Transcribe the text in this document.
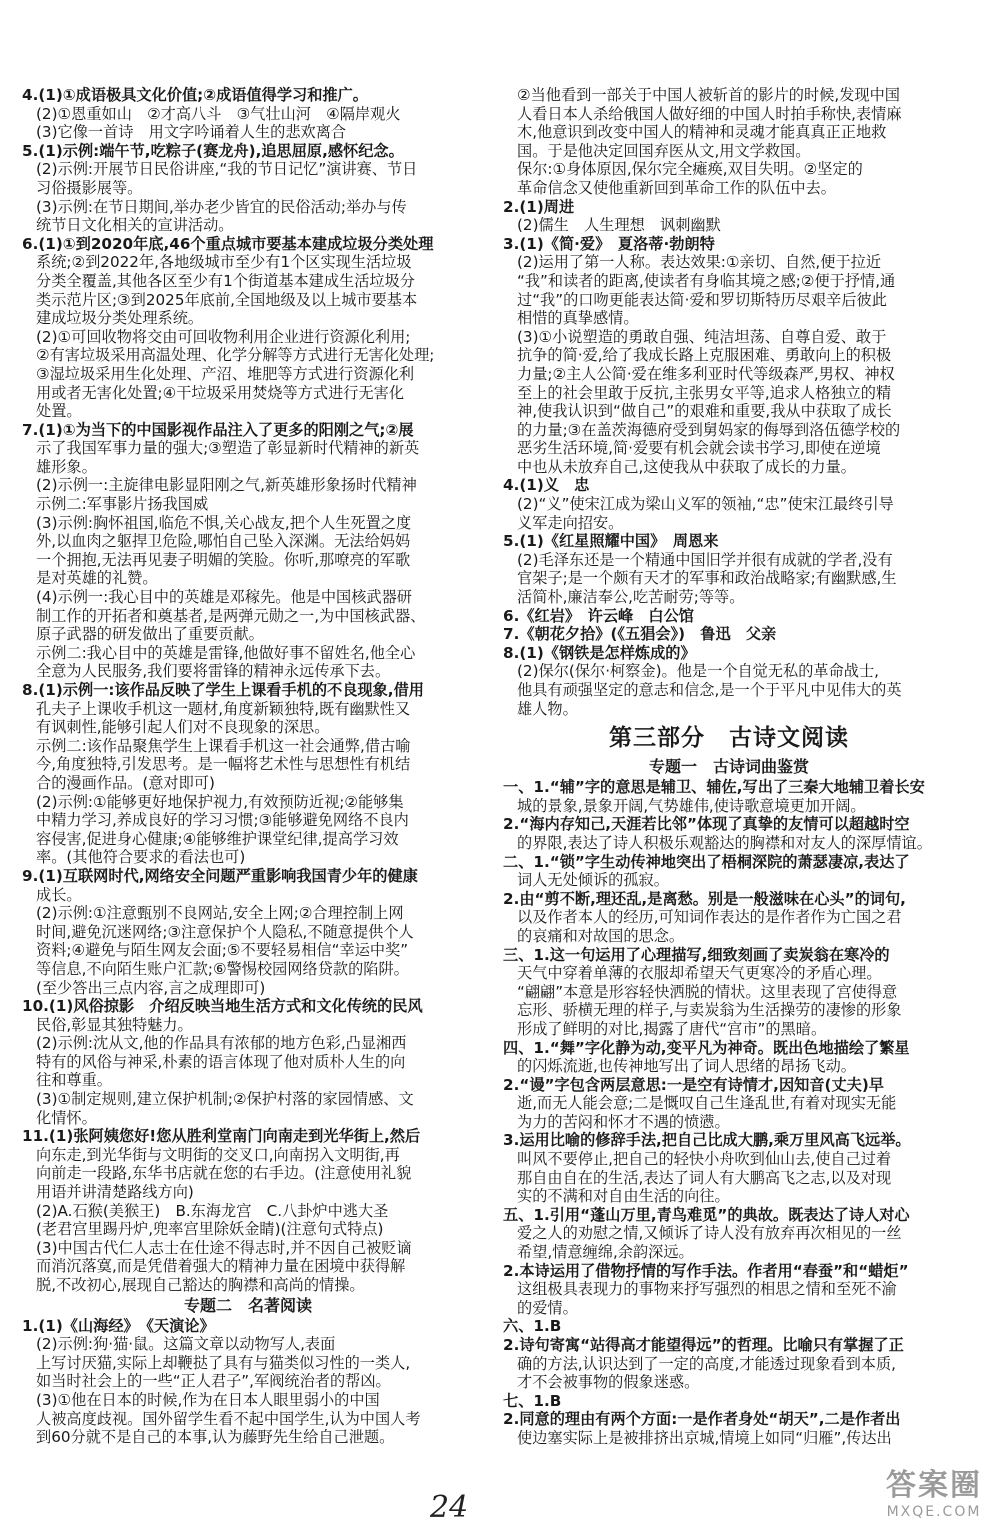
4.(1)①成语极具文化价值;②成语值得学习和推广。
(2)①恩重如山　②才高八斗　③气壮山河　④隔岸观火
(3)它像一首诗　用文字吟诵着人生的悲欢离合
5.(1)示例:端午节,吃粽子(赛龙舟),追思屈原,感怀纪念。
(2)示例:开展节日民俗讲座,“我的节日记忆”演讲赛、节日
习俗摄影展等。
(3)示例:在节日期间,举办老少皆宜的民俗活动;举办与传
统节日文化相关的宣讲活动。
6.(1)①到2020年底,46个重点城市要基本建成垃圾分类处理
系统;②到2022年,各地级城市至少有1个区实现生活垃圾
分类全覆盖,其他各区至少有1个街道基本建成生活垃圾分
类示范片区;③到2025年底前,全国地级及以上城市要基本
建成垃圾分类处理系统。
(2)①可回收物将交由可回收物利用企业进行资源化利用;
②有害垃圾采用高温处理、化学分解等方式进行无害化处理;
③湿垃圾采用生化处理、产沼、堆肥等方式进行资源化利
用或者无害化处置;④干垃圾采用焚烧等方式进行无害化
处置。
7.(1)①为当下的中国影视作品注入了更多的阳刚之气;②展
示了我国军事力量的强大;③塑造了彰显新时代精神的新英
雄形象。
(2)示例一:主旋律电影显阳刚之气,新英雄形象扬时代精神
示例二:军事影片扬我国威
(3)示例:胸怀祖国,临危不惧,关心战友,把个人生死置之度
外,以血肉之躯捍卫危险,哪怕自己坠入深渊。无法给妈妈
一个拥抱,无法再见妻子明媚的笑脸。你听,那嘹亮的军歌
是对英雄的礼赞。
(4)示例一:我心目中的英雄是邓稼先。他是中国核武器研
制工作的开拓者和奠基者,是两弹元勋之一,为中国核武器、
原子武器的研发做出了重要贡献。
示例二:我心目中的英雄是雷锋,他做好事不留姓名,他全心
全意为人民服务,我们要将雷锋的精神永远传承下去。
8.(1)示例一:该作品反映了学生上课看手机的不良现象,借用
孔夫子上课收手机这一题材,角度新颖独特,既有幽默性又
有讽刺性,能够引起人们对不良现象的深思。
示例二:该作品聚焦学生上课看手机这一社会通弊,借古喻
今,角度独特,引发思考。是一幅将艺术性与思想性有机结
合的漫画作品。(意对即可)
(2)示例:①能够更好地保护视力,有效预防近视;②能够集
中精力学习,养成良好的学习习惯;③能够避免网络不良内
容侵害,促进身心健康;④能够维护课堂纪律,提高学习效
率。(其他符合要求的看法也可)
9.(1)互联网时代,网络安全问题严重影响我国青少年的健康
成长。
(2)示例:①注意甄别不良网站,安全上网;②合理控制上网
时间,避免沉迷网络;③注意保护个人隐私,不随意提供个人
资料;④避免与陌生网友会面;⑤不要轻易相信“幸运中奖”
等信息,不向陌生账户汇款;⑥警惕校园网络贷款的陷阱。
(至少答出三点内容,言之成理即可)
10.(1)风俗掠影　介绍反映当地生活方式和文化传统的民风
民俗,彰显其独特魅力。
(2)示例:沈从文,他的作品具有浓郁的地方色彩,凸显湘西
特有的风俗与神采,朴素的语言体现了他对质朴人生的向
往和尊重。
(3)①制定规则,建立保护机制;②保护村落的家园情感、文
化情怀。
11.(1)张阿姨您好!您从胜利堂南门向南走到光华街上,然后
向东走,到光华街与文明街的交叉口,向南拐入文明街,再
向前走一段路,东华书店就在您的右手边。(注意使用礼貌
用语并讲清楚路线方向)
(2)A.石猴(美猴王)　B.东海龙宫　C.八卦炉中逃大圣
(老君宫里踢丹炉,兜率宫里除妖金睛)(注意句式特点)
(3)中国古代仁人志士在仕途不得志时,并不因自己被贬谪
而消沉落寞,而是凭借着强大的精神力量在困境中获得解
脱,不改初心,展现自己豁达的胸襟和高尚的情操。
专题二　名著阅读
1.(1)《山海经》　《天演论》
(2)示例:狗·猫·鼠。这篇文章以动物写人,表面
上写讨厌猫,实际上却鞭挞了具有与猫类似习性的一类人,
如当时社会上的一些“正人君子”,军阀统治者的帮凶。
(3)①他在日本的时候,作为在日本人眼里弱小的中国
人被高度歧视。国外留学生看不起中国学生,认为中国人考
到60分就不是自己的本事,认为藤野先生给自己泄题。
②当他看到一部关于中国人被斩首的影片的时候,发现中国
人看日本人杀给俄国人做好细的中国人时拍手称快,表情麻
木,他意识到改变中国人的精神和灵魂才能真真正正地救
国。于是他决定回国弃医从文,用文学救国。
保尔:①身体原因,保尔完全瘫痪,双目失明。②坚定的
革命信念又使他重新回到革命工作的队伍中去。
2.(1)周进
(2)儒生　人生理想　讽刺幽默
3.(1)《简·爱》　夏洛蒂·勃朗特
(2)运用了第一人称。表达效果:①亲切、自然,便于拉近
“我”和读者的距离,使读者有身临其境之感;②便于抒情,通
过“我”的口吻更能表达简·爱和罗切斯特历尽艰辛后彼此
相惜的真挚感情。
(3)①小说塑造的勇敢自强、纯洁坦荡、自尊自爱、敢于
抗争的简·爱,给了我成长路上克服困难、勇敢向上的积极
力量;②主人公简·爱在维多利亚时代等级森严,男权、神权
至上的社会里敢于反抗,主张男女平等,追求人格独立的精
神,使我认识到“做自己”的艰难和重要,我从中获取了成长
的力量;③在盖茨海德府受到舅妈家的侮辱到洛伍德学校的
恶劣生活环境,简·爱要有机会就会读书学习,即使在逆境
中也从未放弃自己,这使我从中获取了成长的力量。
4.(1)义　忠
(2)“义”使宋江成为梁山义军的领袖,“忠”使宋江最终引导
义军走向招安。
5.(1)《红星照耀中国》　周恩来
(2)毛泽东还是一个精通中国旧学并很有成就的学者,没有
官架子;是一个颇有天才的军事和政治战略家;有幽默感,生
活简朴,廉洁奉公,吃苦耐劳;等等。
6.《红岩》　许云峰　白公馆
7.《朝花夕拾》(《五猖会》)　鲁迅　父亲
8.(1)《钢铁是怎样炼成的》
(2)保尔(保尔·柯察金)。他是一个自觉无私的革命战士,
他具有顽强坚定的意志和信念,是一个于平凡中见伟大的英
雄人物。
第三部分　古诗文阅读
专题一　古诗词曲鉴赏
一、1.“辅”字的意思是辅卫、辅佐,写出了三秦大地辅卫着长安
城的景象,景象开阔,气势雄伟,使诗歌意境更加开阔。
2.“海内存知己,天涯若比邻”体现了真挚的友情可以超越时空
的界限,表达了诗人积极乐观豁达的胸襟和对友人的深厚情谊。
二、1.“锁”字生动传神地突出了梧桐深院的萧瑟凄凉,表达了
词人无处倾诉的孤寂。
2.由“剪不断,理还乱,是离愁。别是一般滋味在心头”的词句,
以及作者本人的经历,可知词作表达的是作者作为亡国之君
的哀痛和对故国的思念。
三、1.这一句运用了心理描写,细致刻画了卖炭翁在寒冷的
天气中穿着单薄的衣服却希望天气更寒冷的矛盾心理。
“翩翩”本意是形容轻快洒脱的情状。这里表现了宫使得意
忘形、骄横无理的样子,与卖炭翁为生活操劳的凄惨的形象
形成了鲜明的对比,揭露了唐代“宫市”的黑暗。
四、1.“舞”字化静为动,变平凡为神奇。既出色地描绘了繁星
的闪烁流逝,也传神地写出了词人思绪的昂扬飞动。
2.“谩”字包含两层意思:一是空有诗情才,因知音(丈夫)早
逝,而无人能会意;二是慨叹自己生逢乱世,有着对现实无能
为力的苦闷和怀才不遇的愤懑。
3.运用比喻的修辞手法,把自己比成大鹏,乘万里风高飞远举。
叫风不要停止,把自己的轻快小舟吹到仙山去,使自己过着
那自由自在的生活,表达了词人有大鹏高飞之志,以及对现
实的不满和对自由生活的向往。
五、1.引用“蓬山万里,青鸟难觅”的典故。既表达了诗人对心
爱之人的劝慰之情,又倾诉了诗人没有放弃再次相见的一丝
希望,情意缠绵,余韵深远。
2.本诗运用了借物抒情的写作手法。作者用“春蚕”和“蜡炬”
这组极具表现力的事物来抒写强烈的相思之情和至死不渝
的爱情。
六、1.B
2.诗句寄寓“站得高才能望得远”的哲理。比喻只有掌握了正
确的方法,认识达到了一定的高度,才能透过现象看到本质,
才不会被事物的假象迷惑。
七、1.B
2.同意的理由有两个方面:一是作者身处“胡天”,二是作者出
使边塞实际上是被排挤出京城,情境上如同“归雁”,传达出
24
答案圈
MXQE.COM
